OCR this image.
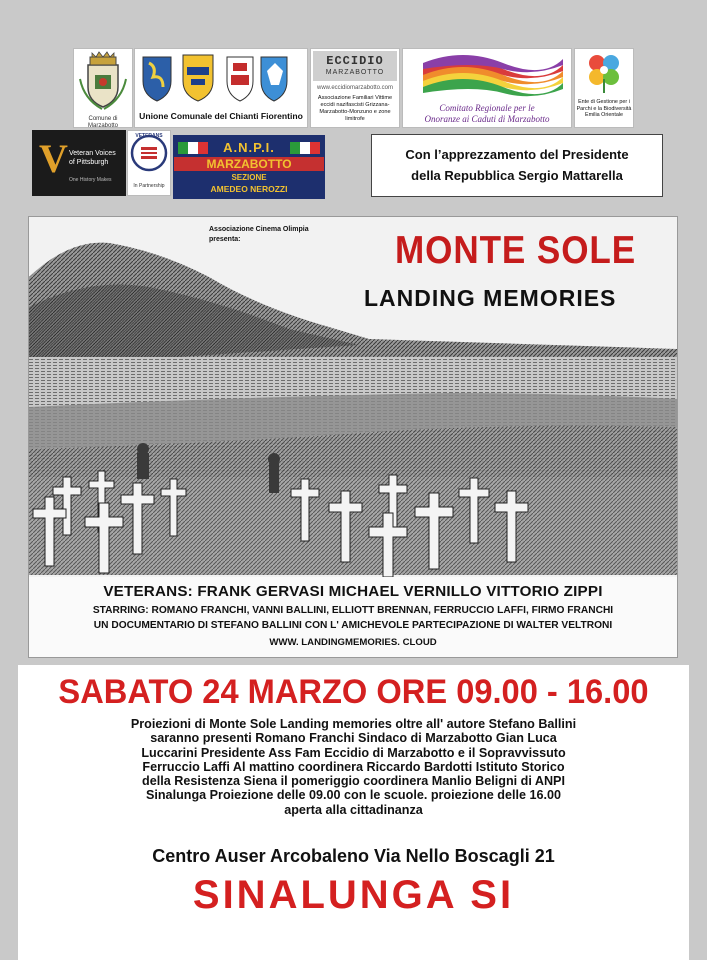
Comune di Marzabotto
Unione Comunale del Chianti Fiorentino
ECCIDIO
MARZABOTTO
www.eccidiomarzabotto.com
Associazione Familiari Vittime eccidi nazifascisti Grizzana-Marzabotto-Monzuno e zone limitrofe
Comitato Regionale per le Onoranze ai Caduti di Marzabotto
Ente di Gestione per i Parchi e la Biodiversità Emilia Orientale
V Veteran Voices of Pittsburgh
One History Makes
VETERANS
In Partnership
A.N.P.I.
MARZABOTTO
SEZIONE
AMEDEO NEROZZI
Con l’apprezzamento del Presidente
della Repubblica Sergio Mattarella
Associazione Cinema Olimpia
presenta:	MONTE SOLE
LANDING MEMORIES
VETERANS: FRANK GERVASI MICHAEL VERNILLO VITTORIO ZIPPI
STARRING: ROMANO FRANCHI, VANNI BALLINI, ELLIOTT BRENNAN, FERRUCCIO LAFFI, FIRMO FRANCHI
UN DOCUMENTARIO DI STEFANO BALLINI CON L' AMICHEVOLE PARTECIPAZIONE DI WALTER VELTRONI
WWW. LANDINGMEMORIES. CLOUD
SABATO 24 MARZO ORE 09.00 - 16.00
Proiezioni di Monte Sole Landing memories oltre all' autore Stefano Ballini
saranno presenti Romano Franchi Sindaco di Marzabotto Gian Luca
Luccarini Presidente Ass Fam Eccidio di Marzabotto e il Sopravvissuto
Ferruccio Laffi Al mattino coordinera Riccardo Bardotti Istituto Storico
della Resistenza Siena il pomeriggio coordinera Manlio Beligni di ANPI
Sinalunga Proiezione delle 09.00 con le scuole. proiezione delle 16.00
aperta alla cittadinanza
Centro Auser Arcobaleno Via Nello Boscagli 21
SINALUNGA SI
